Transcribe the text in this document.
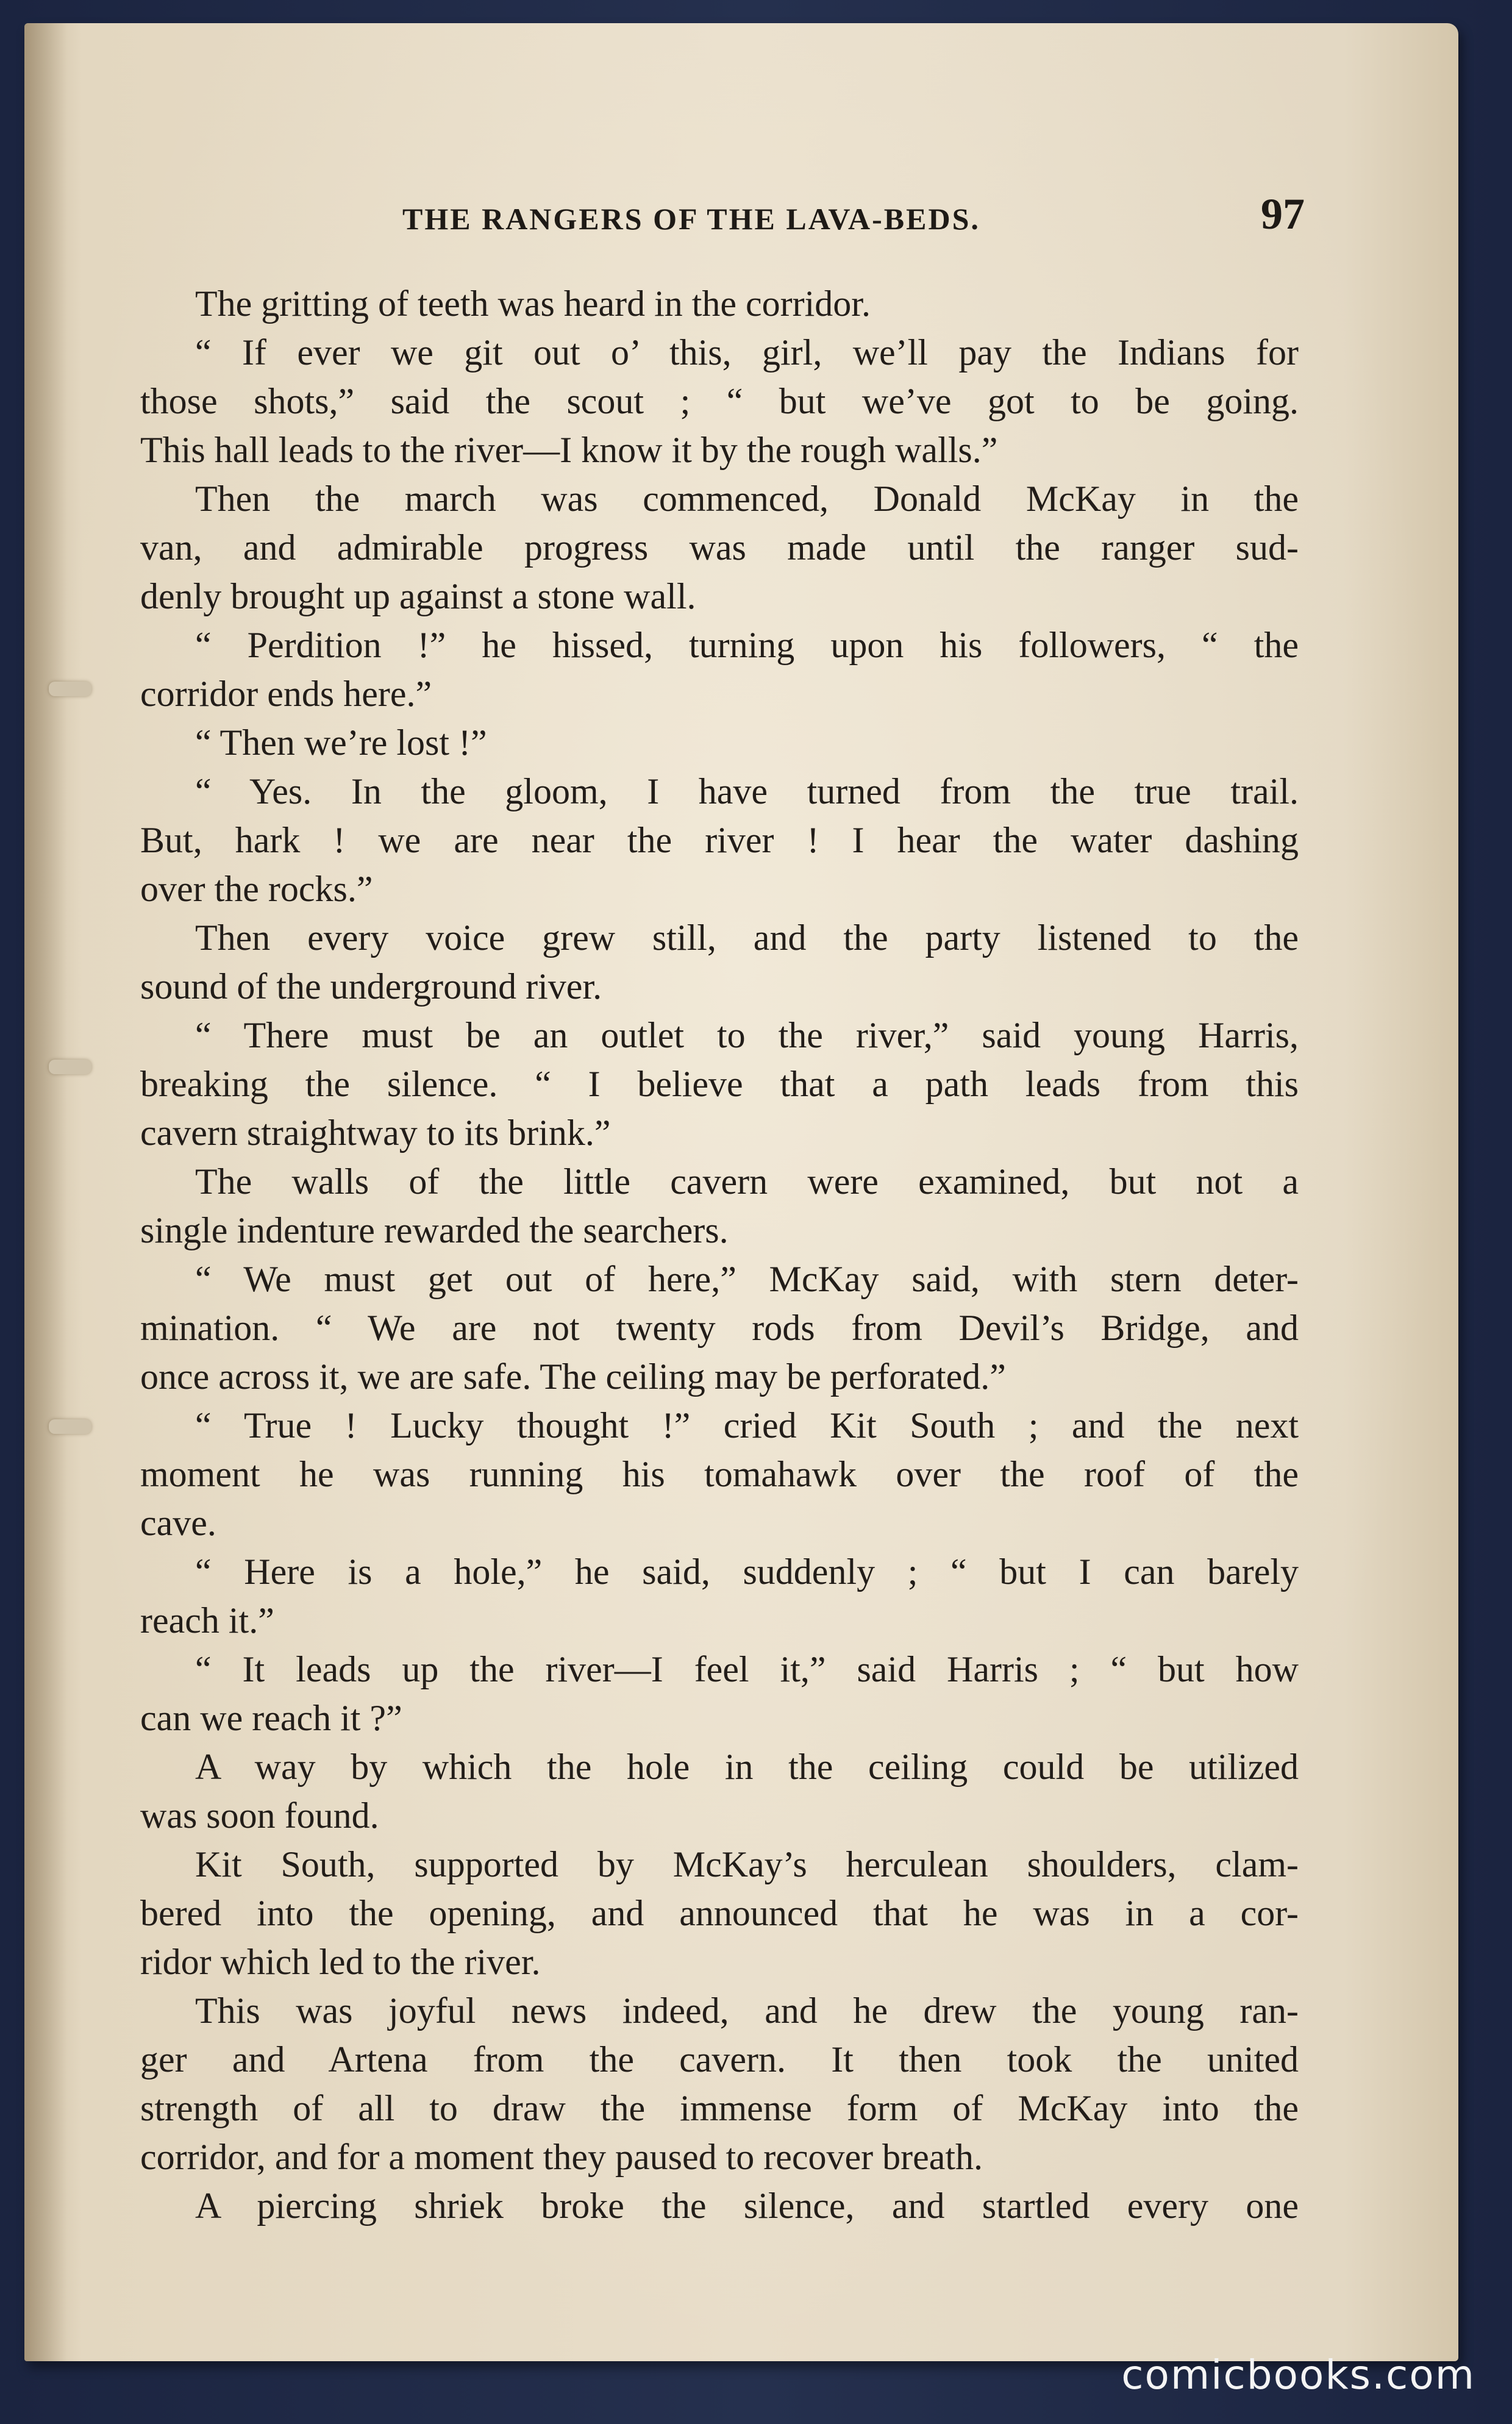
THE RANGERS OF THE LAVA-BEDS.	97
The gritting of teeth was heard in the corridor.
“ If ever we git out o’ this, girl, we’ll pay the Indians for
those shots,” said the scout ; “ but we’ve got to be going.
This hall leads to the river—I know it by the rough walls.”
Then the march was commenced, Donald McKay in the
van, and admirable progress was made until the ranger sud-
denly brought up against a stone wall.
“ Perdition !” he hissed, turning upon his followers, “ the
corridor ends here.”
“ Then we’re lost !”
“ Yes. In the gloom, I have turned from the true trail.
But, hark ! we are near the river ! I hear the water dashing
over the rocks.”
Then every voice grew still, and the party listened to the
sound of the underground river.
“ There must be an outlet to the river,” said young Harris,
breaking the silence. “ I believe that a path leads from this
cavern straightway to its brink.”
The walls of the little cavern were examined, but not a
single indenture rewarded the searchers.
“ We must get out of here,” McKay said, with stern deter-
mination. “ We are not twenty rods from Devil’s Bridge, and
once across it, we are safe. The ceiling may be perforated.”
“ True ! Lucky thought !” cried Kit South ; and the next
moment he was running his tomahawk over the roof of the
cave.
“ Here is a hole,” he said, suddenly ; “ but I can barely
reach it.”
“ It leads up the river—I feel it,” said Harris ; “ but how
can we reach it ?”
A way by which the hole in the ceiling could be utilized
was soon found.
Kit South, supported by McKay’s herculean shoulders, clam-
bered into the opening, and announced that he was in a cor-
ridor which led to the river.
This was joyful news indeed, and he drew the young ran-
ger and Artena from the cavern. It then took the united
strength of all to draw the immense form of McKay into the
corridor, and for a moment they paused to recover breath.
A piercing shriek broke the silence, and startled every one
comicbooks.com
